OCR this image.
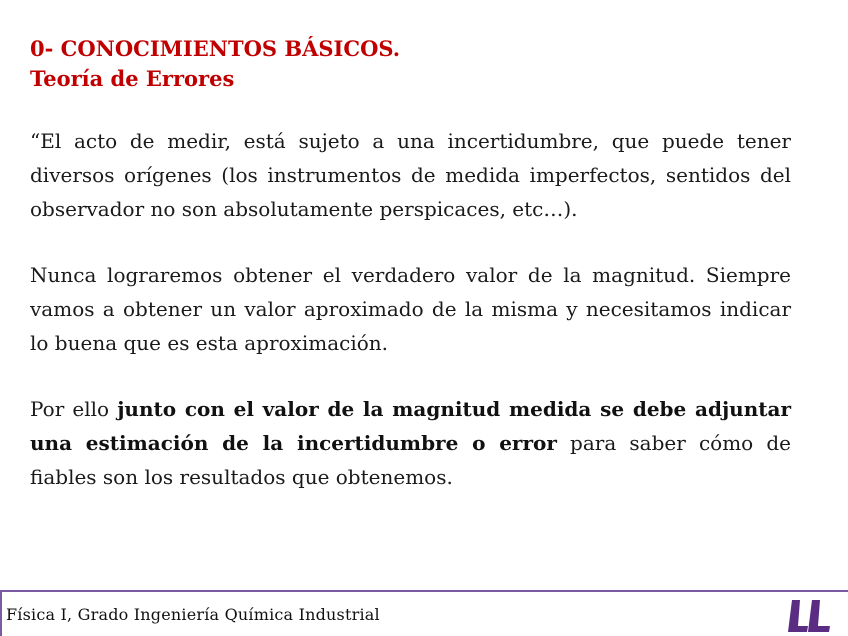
0- CONOCIMIENTOS BÁSICOS.
Teoría de Errores

“El acto de medir, está sujeto a una incertidumbre, que puede tener diversos orígenes (los instrumentos de medida imperfectos, sentidos del observador no son absolutamente perspicaces, etc…).

Nunca lograremos obtener el verdadero valor de la magnitud. Siempre vamos a obtener un valor aproximado de la misma y necesitamos indicar lo buena que es esta aproximación.

Por ello junto con el valor de la magnitud medida se debe adjuntar una estimación de la incertidumbre o error para saber cómo de fiables son los resultados que obtenemos.

Física I, Grado Ingeniería Química Industrial
